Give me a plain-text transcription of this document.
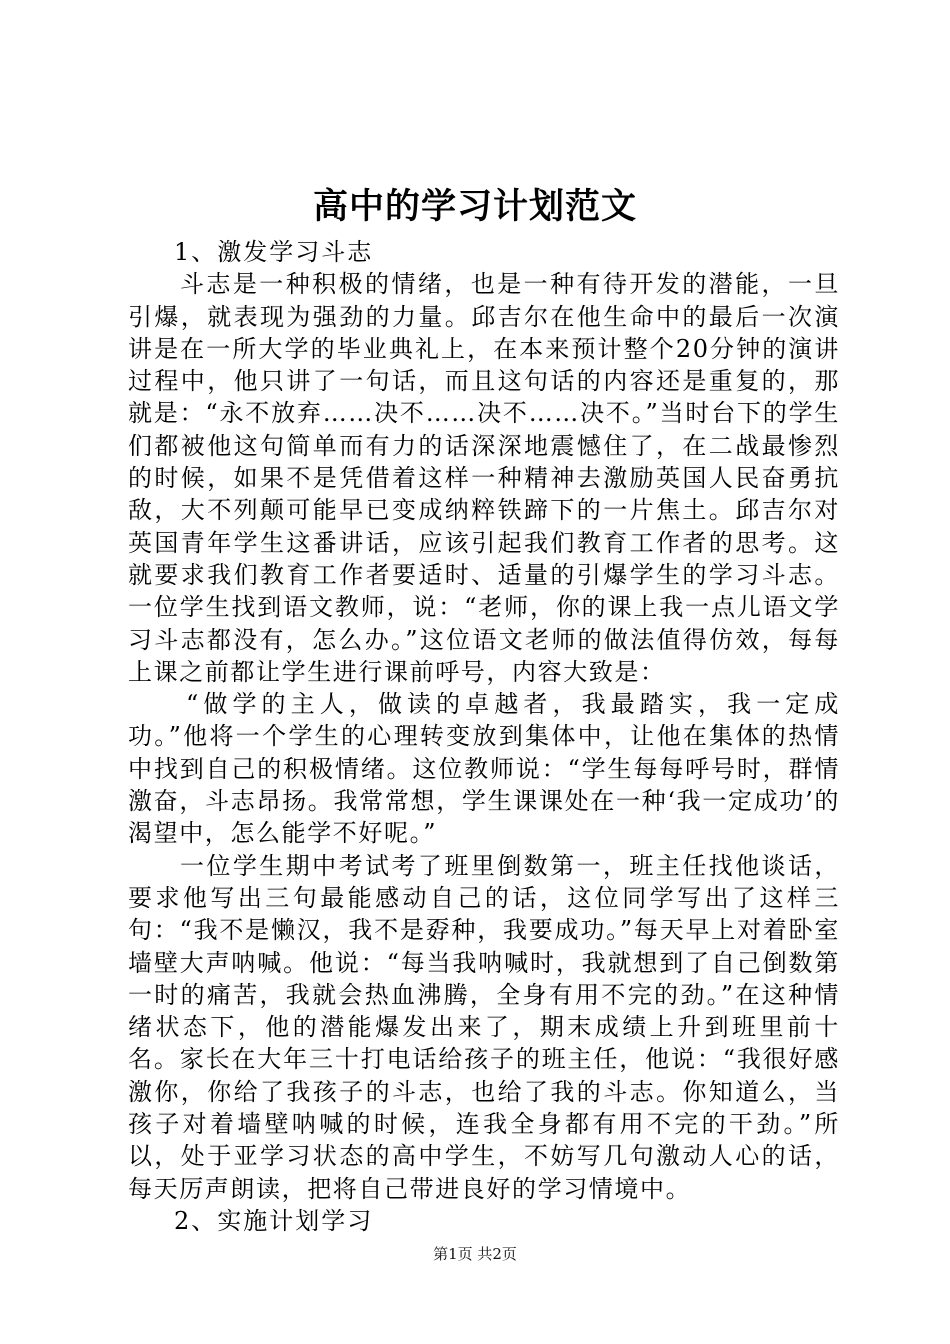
高中的学习计划范文

1、激发学习斗志

斗志是一种积极的情绪，也是一种有待开发的潜能，一旦引爆，就表现为强劲的力量。邱吉尔在他生命中的最后一次演讲是在一所大学的毕业典礼上，在本来预计整个20分钟的演讲过程中，他只讲了一句话，而且这句话的内容还是重复的，那就是：“永不放弃……决不……决不……决不。”当时台下的学生们都被他这句简单而有力的话深深地震憾住了，在二战最惨烈的时候，如果不是凭借着这样一种精神去激励英国人民奋勇抗敌，大不列颠可能早已变成纳粹铁蹄下的一片焦土。邱吉尔对英国青年学生这番讲话，应该引起我们教育工作者的思考。这就要求我们教育工作者要适时、适量的引爆学生的学习斗志。一位学生找到语文教师，说：“老师，你的课上我一点儿语文学习斗志都没有，怎么办。”这位语文老师的做法值得仿效，每每上课之前都让学生进行课前呼号，内容大致是：

“做学的主人，做读的卓越者，我最踏实，我一定成功。”他将一个学生的心理转变放到集体中，让他在集体的热情中找到自己的积极情绪。这位教师说：“学生每每呼号时，群情激奋，斗志昂扬。我常常想，学生课课处在一种‘我一定成功’的渴望中，怎么能学不好呢。”

一位学生期中考试考了班里倒数第一，班主任找他谈话，要求他写出三句最能感动自己的话，这位同学写出了这样三句：“我不是懒汉，我不是孬种，我要成功。”每天早上对着卧室墙壁大声呐喊。他说：“每当我呐喊时，我就想到了自己倒数第一时的痛苦，我就会热血沸腾，全身有用不完的劲。”在这种情绪状态下，他的潜能爆发出来了，期末成绩上升到班里前十名。家长在大年三十打电话给孩子的班主任，他说：“我很好感激你，你给了我孩子的斗志，也给了我的斗志。你知道么，当孩子对着墙壁呐喊的时候，连我全身都有用不完的干劲。”所以，处于亚学习状态的高中学生，不妨写几句激动人心的话，每天厉声朗读，把将自己带进良好的学习情境中。

2、实施计划学习

第1页 共2页
